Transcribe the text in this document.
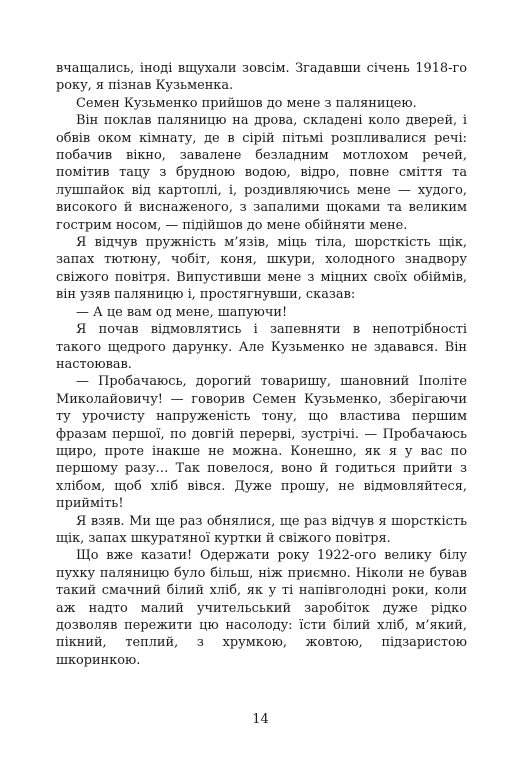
вчащались, іноді вщухали зовсім. Згадавши січень 1918-го року, я пізнав Кузьменка.

Семен Кузьменко прийшов до мене з паляницею.

Він поклав паляницю на дрова, складені коло дверей, і обвів оком кімнату, де в сірій пітьмі розпливалися речі: побачив вікно, завалене безладним мотлохом речей, помітив тацу з брудною водою, відро, повне сміття та лушпайок від картоплі, і, роздивляючись мене — худого, високого й виснаженого, з запалими щоками та великим гострим носом, — підійшов до мене обійняти мене.

Я відчув пружність м’язів, міць тіла, шорсткість щік, запах тютюну, чобіт, коня, шкури, холодного знадвору свіжого повітря. Випустивши мене з міцних своїх обіймів, він узяв паляницю і, простягнувши, сказав:

— А це вам од мене, шапуючи!

Я почав відмовлятись і запевняти в непотрібності такого щедрого дарунку. Але Кузьменко не здавався. Він настоював.

— Пробачаюсь, дорогий товаришу, шановний Іполіте Миколайовичу! — говорив Семен Кузьменко, зберігаючи ту урочисту напруженість тону, що властива першим фразам першої, по довгій перерві, зустрічі. — Пробачаюсь щиро, проте інакше не можна. Конешно, як я у вас по першому разу… Так повелося, воно й годиться прийти з хлібом, щоб хліб вівся. Дуже прошу, не відмовляйтеся, прийміть!

Я взяв. Ми ще раз обнялися, ще раз відчув я шорсткість щік, запах шкуратяної куртки й свіжого повітря.

Що вже казати! Одержати року 1922-ого велику білу пухку паляницю було більш, ніж приємно. Ніколи не бував такий смачний білий хліб, як у ті напівголодні роки, коли аж надто малий учительський заробіток дуже рідко дозволяв пережити цю насолоду: їсти білий хліб, м’який, пікний, теплий, з хрумкою, жовтою, підзаристою шкоринкою.

14
